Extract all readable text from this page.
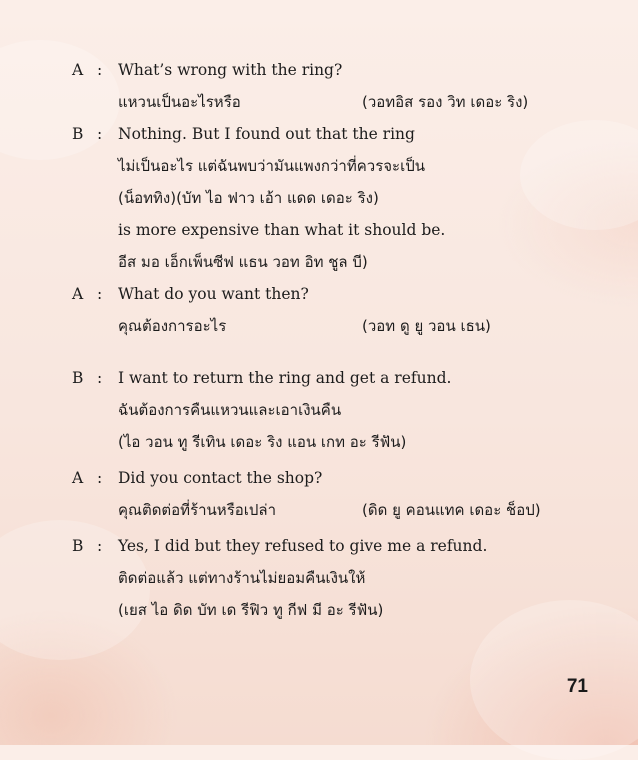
A : What’s wrong with the ring?
แหวนเป็นอะไรหรือ	(วอทอิส รอง วิท เดอะ ริง)
B : Nothing. But I found out that the ring
ไม่เป็นอะไร แต่ฉันพบว่ามันแพงกว่าที่ควรจะเป็น
(น็อททิง)(บัท ไอ ฟาว เอ้า แดด เดอะ ริง)
is more expensive than what it should be.
อีส มอ เอ็กเพ็นซีฟ แธน วอท อิท ชูล บี)
A : What do you want then?
คุณต้องการอะไร	(วอท ดู ยู วอน เธน)
B : I want to return the ring and get a refund.
ฉันต้องการคืนแหวนและเอาเงินคืน
(ไอ วอน ทู รีเทิน เดอะ ริง แอน เกท อะ รีฟัน)
A : Did you contact the shop?
คุณติดต่อที่ร้านหรือเปล่า	(ดิด ยู คอนแทค เดอะ ช็อป)
B : Yes, I did but they refused to give me a refund.
ติดต่อแล้ว แต่ทางร้านไม่ยอมคืนเงินให้
(เยส ไอ ดิด บัท เด รีฟิว ทู กีฟ มี อะ รีฟัน)
71
